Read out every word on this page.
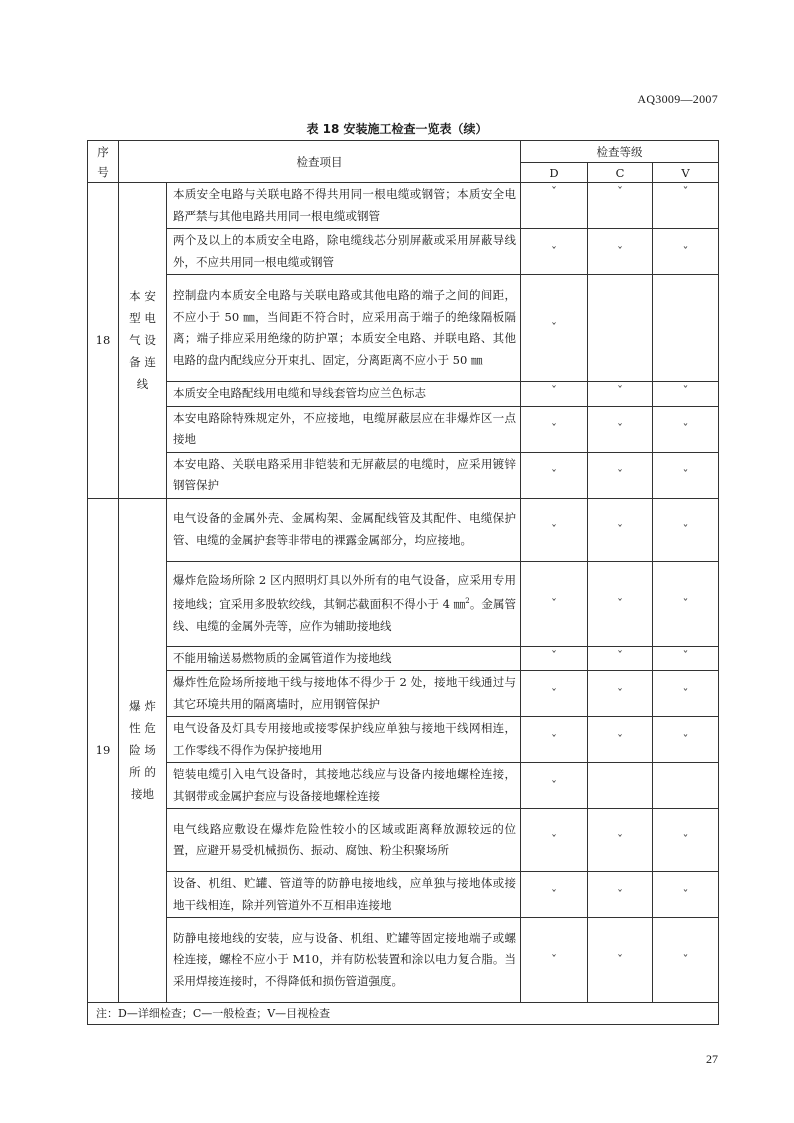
AQ3009—2007
表 18 安装施工检查一览表（续）
序
号	检查项目		检查等级		
			D	C	V
18	本 安
型 电
气 设
备 连
线	本质安全电路与关联电路不得共用同一根电缆或钢管；本质安全电路严禁与其他电路共用同一根电缆或钢管	ˇ	ˇ	ˇ
		两个及以上的本质安全电路，除电缆线芯分别屏蔽或采用屏蔽导线外，不应共用同一根电缆或钢管	ˇ	ˇ	ˇ
		控制盘内本质安全电路与关联电路或其他电路的端子之间的间距，不应小于 50 ㎜，当间距不符合时，应采用高于端子的绝缘隔板隔离；端子排应采用绝缘的防护罩；本质安全电路、并联电路、其他电路的盘内配线应分开束扎、固定，分离距离不应小于 50 ㎜	ˇ		
		本质安全电路配线用电缆和导线套管均应兰色标志	ˇ	ˇ	ˇ
		本安电路除特殊规定外，不应接地，电缆屏蔽层应在非爆炸区一点接地	ˇ	ˇ	ˇ
		本安电路、关联电路采用非铠装和无屏蔽层的电缆时，应采用镀锌钢管保护	ˇ	ˇ	ˇ
19	爆 炸
性 危
险 场
所 的
接地	电气设备的金属外壳、金属构架、金属配线管及其配件、电缆保护管、电缆的金属护套等非带电的裸露金属部分，均应接地。	ˇ	ˇ	ˇ
		爆炸危险场所除 2 区内照明灯具以外所有的电气设备，应采用专用接地线；宜采用多股软绞线，其铜芯截面积不得小于 4 ㎜$^2$。金属管线、电缆的金属外壳等，应作为辅助接地线	ˇ	ˇ	ˇ
		不能用输送易燃物质的金属管道作为接地线	ˇ	ˇ	ˇ
		爆炸性危险场所接地干线与接地体不得少于 2 处，接地干线通过与其它环境共用的隔离墙时，应用钢管保护	ˇ	ˇ	ˇ
		电气设备及灯具专用接地或接零保护线应单独与接地干线网相连，工作零线不得作为保护接地用	ˇ	ˇ	ˇ
		铠装电缆引入电气设备时，其接地芯线应与设备内接地螺栓连接，其钢带或金属护套应与设备接地螺栓连接	ˇ		
		电气线路应敷设在爆炸危险性较小的区域或距离释放源较远的位置，应避开易受机械损伤、振动、腐蚀、粉尘积聚场所	ˇ	ˇ	ˇ
		设备、机组、贮罐、管道等的防静电接地线，应单独与接地体或接地干线相连，除并列管道外不互相串连接地	ˇ	ˇ	ˇ
		防静电接地线的安装，应与设备、机组、贮罐等固定接地端子或螺栓连接，螺栓不应小于 M10，并有防松装置和涂以电力复合脂。当采用焊接连接时，不得降低和损伤管道强度。	ˇ	ˇ	ˇ
注：D—详细检查；C—一般检查；V—目视检查					
27
